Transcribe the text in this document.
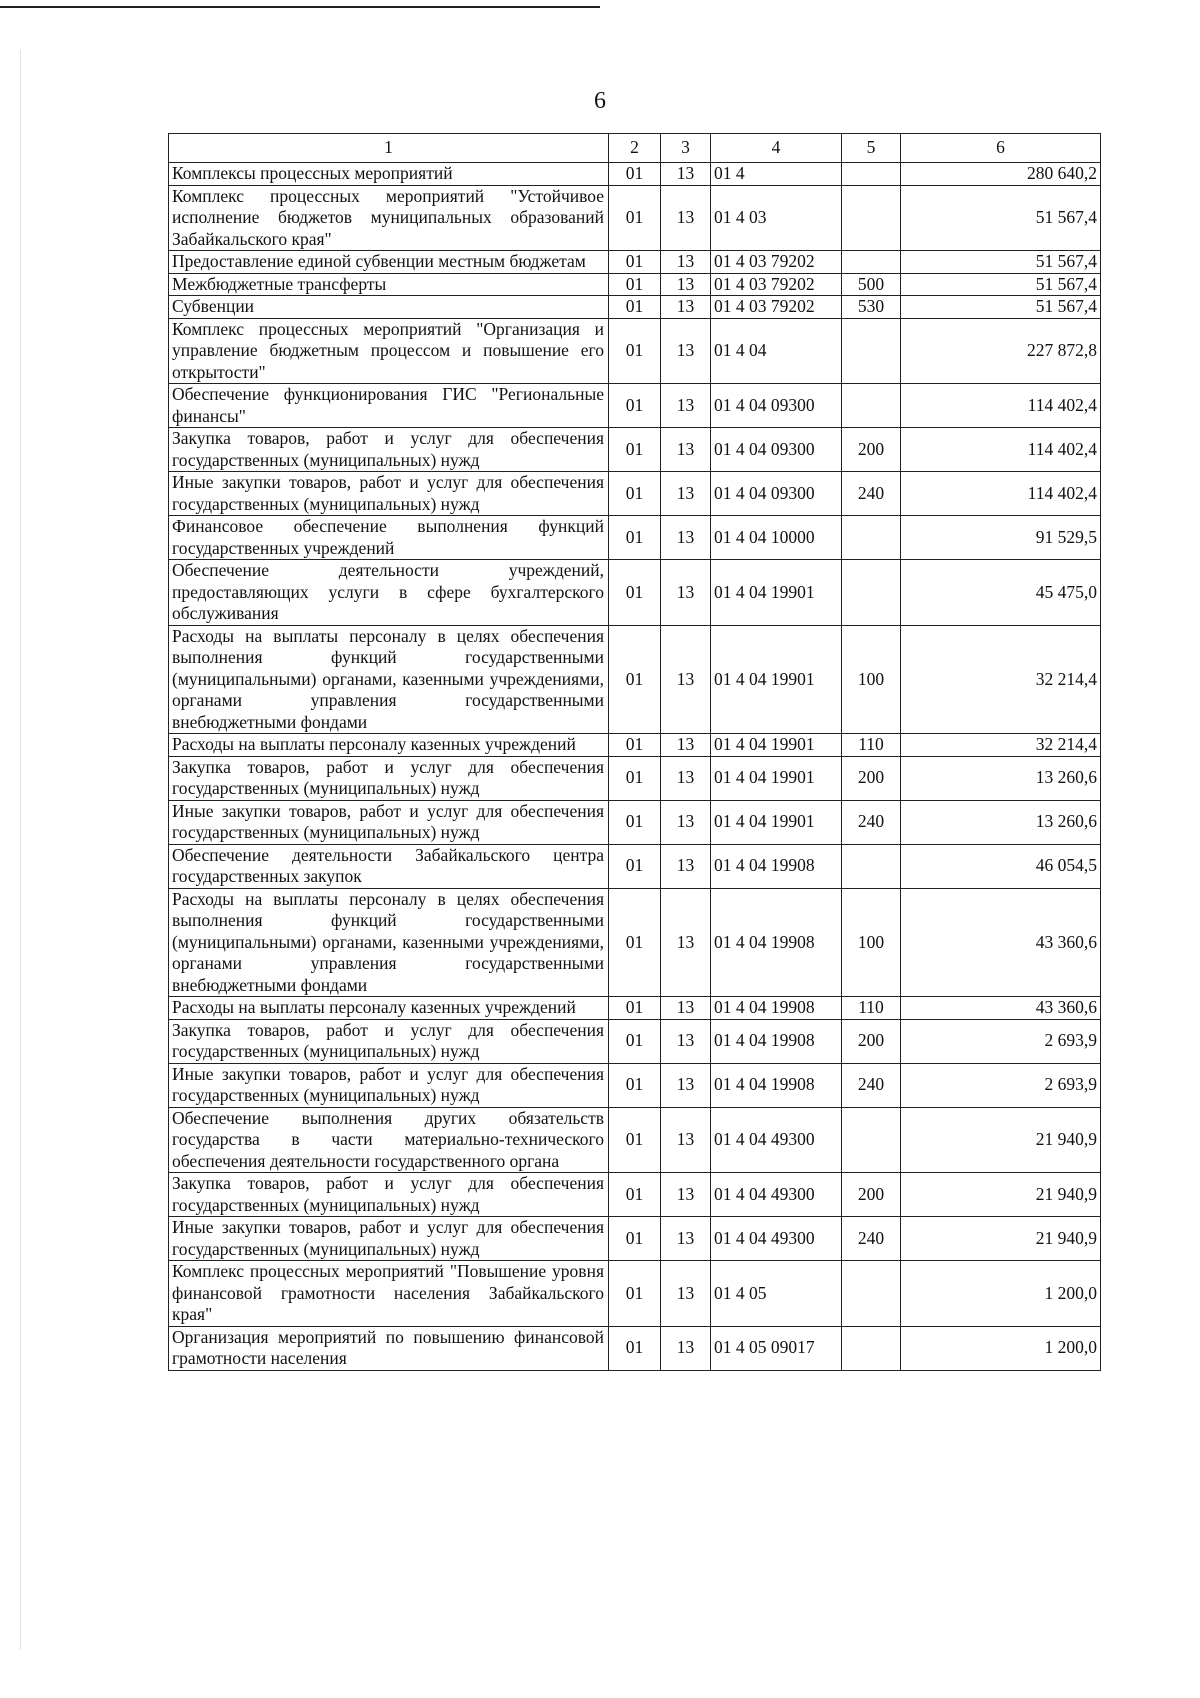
6
1	2	3	4	5	6
Комплексы процессных мероприятий	01	13	01 4		280 640,2
Комплекс процессных мероприятий "Устойчивое исполнение бюджетов муниципальных образований Забайкальского края"	01	13	01 4 03		51 567,4
Предоставление единой субвенции местным бюджетам	01	13	01 4 03 79202		51 567,4
Межбюджетные трансферты	01	13	01 4 03 79202	500	51 567,4
Субвенции	01	13	01 4 03 79202	530	51 567,4
Комплекс процессных мероприятий "Организация и управление бюджетным процессом и повышение его открытости"	01	13	01 4 04		227 872,8
Обеспечение функционирования ГИС "Региональные финансы"	01	13	01 4 04 09300		114 402,4
Закупка товаров, работ и услуг для обеспечения государственных (муниципальных) нужд	01	13	01 4 04 09300	200	114 402,4
Иные закупки товаров, работ и услуг для обеспечения государственных (муниципальных) нужд	01	13	01 4 04 09300	240	114 402,4
Финансовое обеспечение выполнения функций государственных учреждений	01	13	01 4 04 10000		91 529,5
Обеспечение деятельности учреждений, предоставляющих услуги в сфере бухгалтерского обслуживания	01	13	01 4 04 19901		45 475,0
Расходы на выплаты персоналу в целях обеспечения выполнения функций государственными (муниципальными) органами, казенными учреждениями, органами управления государственными внебюджетными фондами	01	13	01 4 04 19901	100	32 214,4
Расходы на выплаты персоналу казенных учреждений	01	13	01 4 04 19901	110	32 214,4
Закупка товаров, работ и услуг для обеспечения государственных (муниципальных) нужд	01	13	01 4 04 19901	200	13 260,6
Иные закупки товаров, работ и услуг для обеспечения государственных (муниципальных) нужд	01	13	01 4 04 19901	240	13 260,6
Обеспечение деятельности Забайкальского центра государственных закупок	01	13	01 4 04 19908		46 054,5
Расходы на выплаты персоналу в целях обеспечения выполнения функций государственными (муниципальными) органами, казенными учреждениями, органами управления государственными внебюджетными фондами	01	13	01 4 04 19908	100	43 360,6
Расходы на выплаты персоналу казенных учреждений	01	13	01 4 04 19908	110	43 360,6
Закупка товаров, работ и услуг для обеспечения государственных (муниципальных) нужд	01	13	01 4 04 19908	200	2 693,9
Иные закупки товаров, работ и услуг для обеспечения государственных (муниципальных) нужд	01	13	01 4 04 19908	240	2 693,9
Обеспечение выполнения других обязательств государства в части материально-технического обеспечения деятельности государственного органа	01	13	01 4 04 49300		21 940,9
Закупка товаров, работ и услуг для обеспечения государственных (муниципальных) нужд	01	13	01 4 04 49300	200	21 940,9
Иные закупки товаров, работ и услуг для обеспечения государственных (муниципальных) нужд	01	13	01 4 04 49300	240	21 940,9
Комплекс процессных мероприятий "Повышение уровня финансовой грамотности населения Забайкальского края"	01	13	01 4 05		1 200,0
Организация мероприятий по повышению финансовой грамотности населения	01	13	01 4 05 09017		1 200,0
